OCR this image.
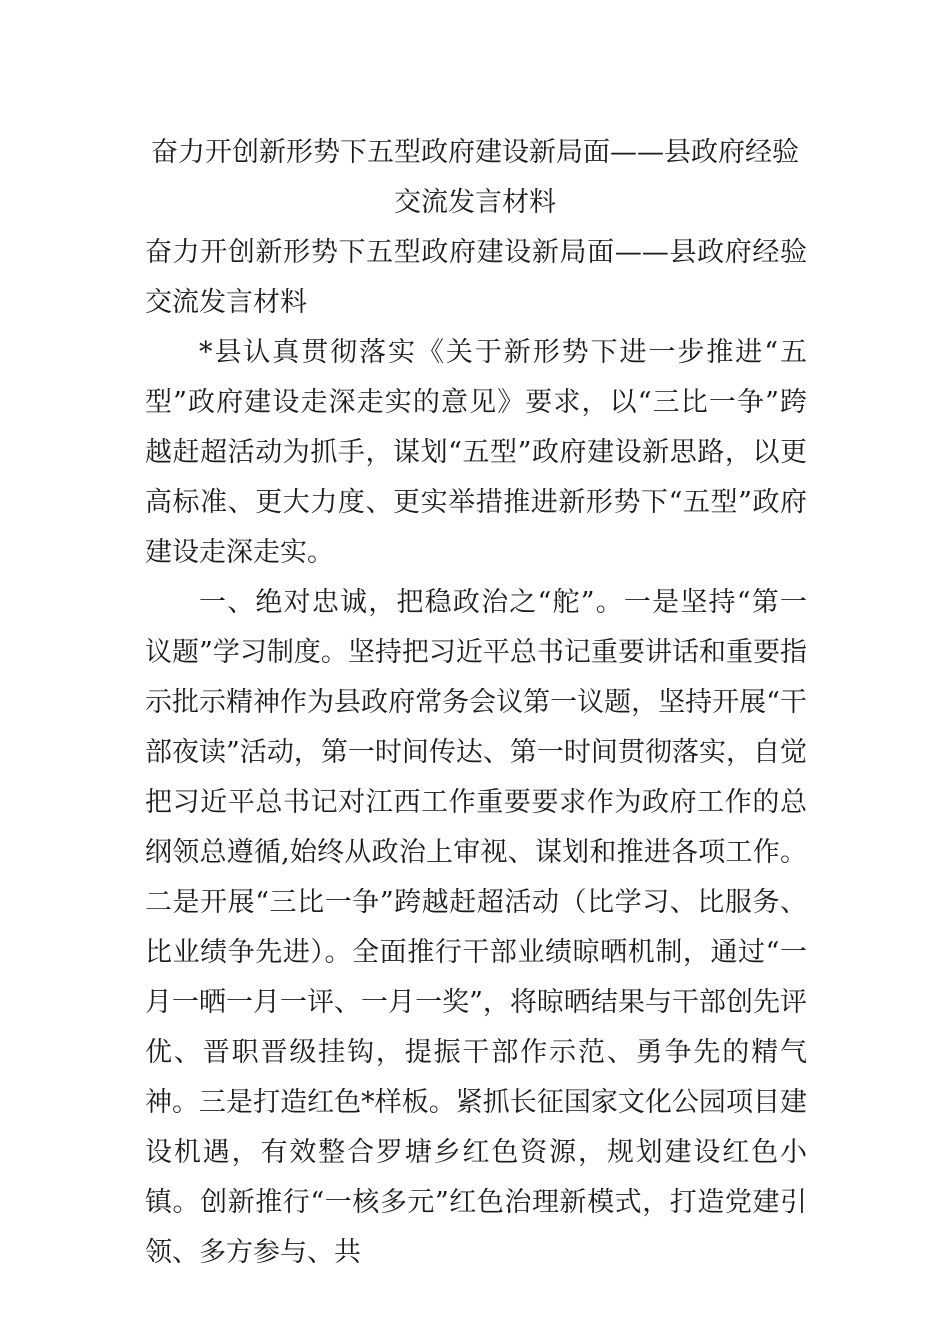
奋力开创新形势下五型政府建设新局面——县政府经验交流发言材料

奋力开创新形势下五型政府建设新局面——县政府经验交流发言材料

*县认真贯彻落实《关于新形势下进一步推进“五型”政府建设走深走实的意见》要求，以“三比一争”跨越赶超活动为抓手，谋划“五型”政府建设新思路，以更高标准、更大力度、更实举措推进新形势下“五型”政府建设走深走实。

一、绝对忠诚，把稳政治之“舵”。一是坚持“第一议题”学习制度。坚持把习近平总书记重要讲话和重要指示批示精神作为县政府常务会议第一议题，坚持开展“干部夜读”活动，第一时间传达、第一时间贯彻落实，自觉把习近平总书记对江西工作重要要求作为政府工作的总纲领总遵循,始终从政治上审视、谋划和推进各项工作。二是开展“三比一争”跨越赶超活动（比学习、比服务、比业绩争先进）。全面推行干部业绩晾晒机制，通过“一月一晒一月一评、一月一奖”，将晾晒结果与干部创先评优、晋职晋级挂钩，提振干部作示范、勇争先的精气神。三是打造红色*样板。紧抓长征国家文化公园项目建设机遇，有效整合罗塘乡红色资源，规划建设红色小镇。创新推行“一核多元”红色治理新模式，打造党建引领、多方参与、共
